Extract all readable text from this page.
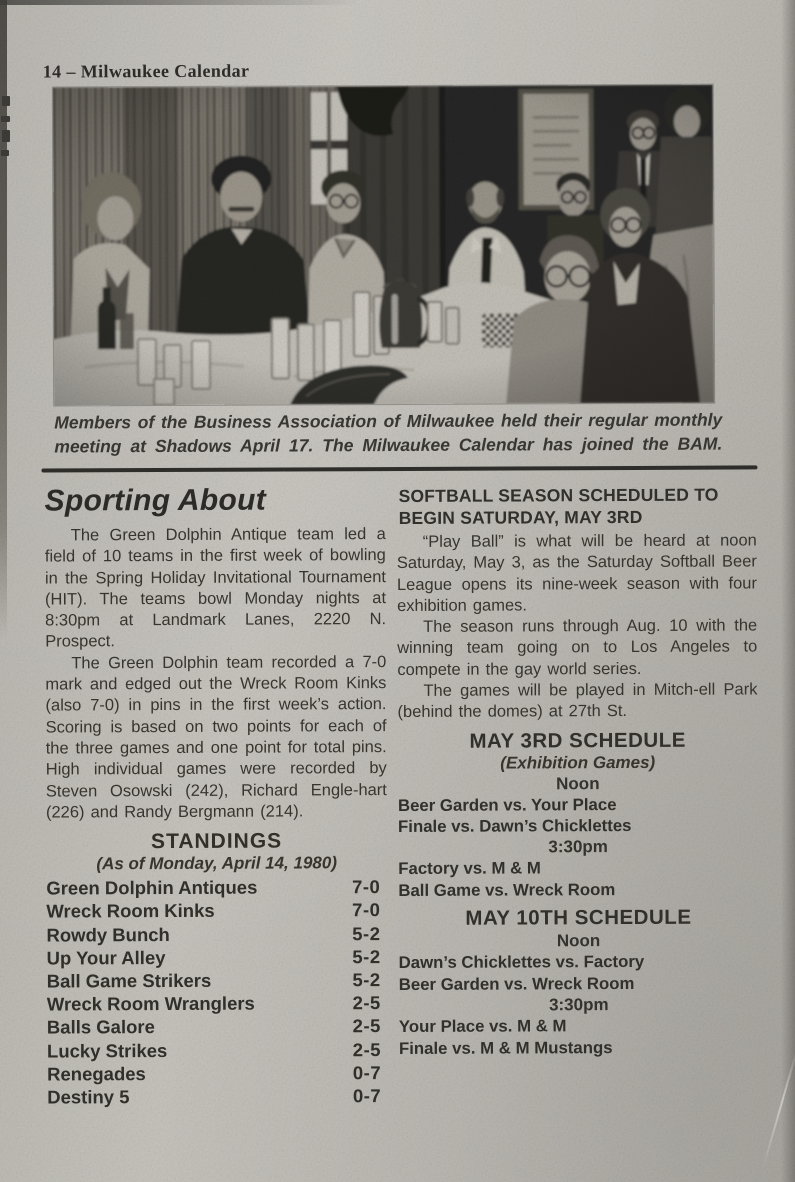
14 – Milwaukee Calendar

Members of the Business Association of Milwaukee held their regular monthly meeting at Shadows April 17. The Milwaukee Calendar has joined the BAM.

Sporting About

The Green Dolphin Antique team led a field of 10 teams in the first week of bowling in the Spring Holiday Invitational Tournament (HIT). The teams bowl Monday nights at 8:30pm at Landmark Lanes, 2220 N. Prospect.

The Green Dolphin team recorded a 7-0 mark and edged out the Wreck Room Kinks (also 7-0) in pins in the first week’s action. Scoring is based on two points for each of the three games and one point for total pins. High individual games were recorded by Steven Osowski (242), Richard Engle-hart (226) and Randy Bergmann (214).

STANDINGS

(As of Monday, April 14, 1980)

Green Dolphin Antiques	7-0
Wreck Room Kinks	7-0
Rowdy Bunch	5-2
Up Your Alley	5-2
Ball Game Strikers	5-2
Wreck Room Wranglers	2-5
Balls Galore	2-5
Lucky Strikes	2-5
Renegades	0-7
Destiny 5	0-7
SOFTBALL SEASON SCHEDULED TO BEGIN SATURDAY, MAY 3RD

“Play Ball” is what will be heard at noon Saturday, May 3, as the Saturday Softball Beer League opens its nine-week season with four exhibition games.

The season runs through Aug. 10 with the winning team going on to Los Angeles to compete in the gay world series.

The games will be played in Mitch-ell Park (behind the domes) at 27th St.

MAY 3RD SCHEDULE

(Exhibition Games)

Noon

Beer Garden vs. Your Place

Finale vs. Dawn’s Chicklettes

3:30pm

Factory vs. M & M

Ball Game vs. Wreck Room

MAY 10TH SCHEDULE

Noon

Dawn’s Chicklettes vs. Factory

Beer Garden vs. Wreck Room

3:30pm

Your Place vs. M & M

Finale vs. M & M Mustangs
